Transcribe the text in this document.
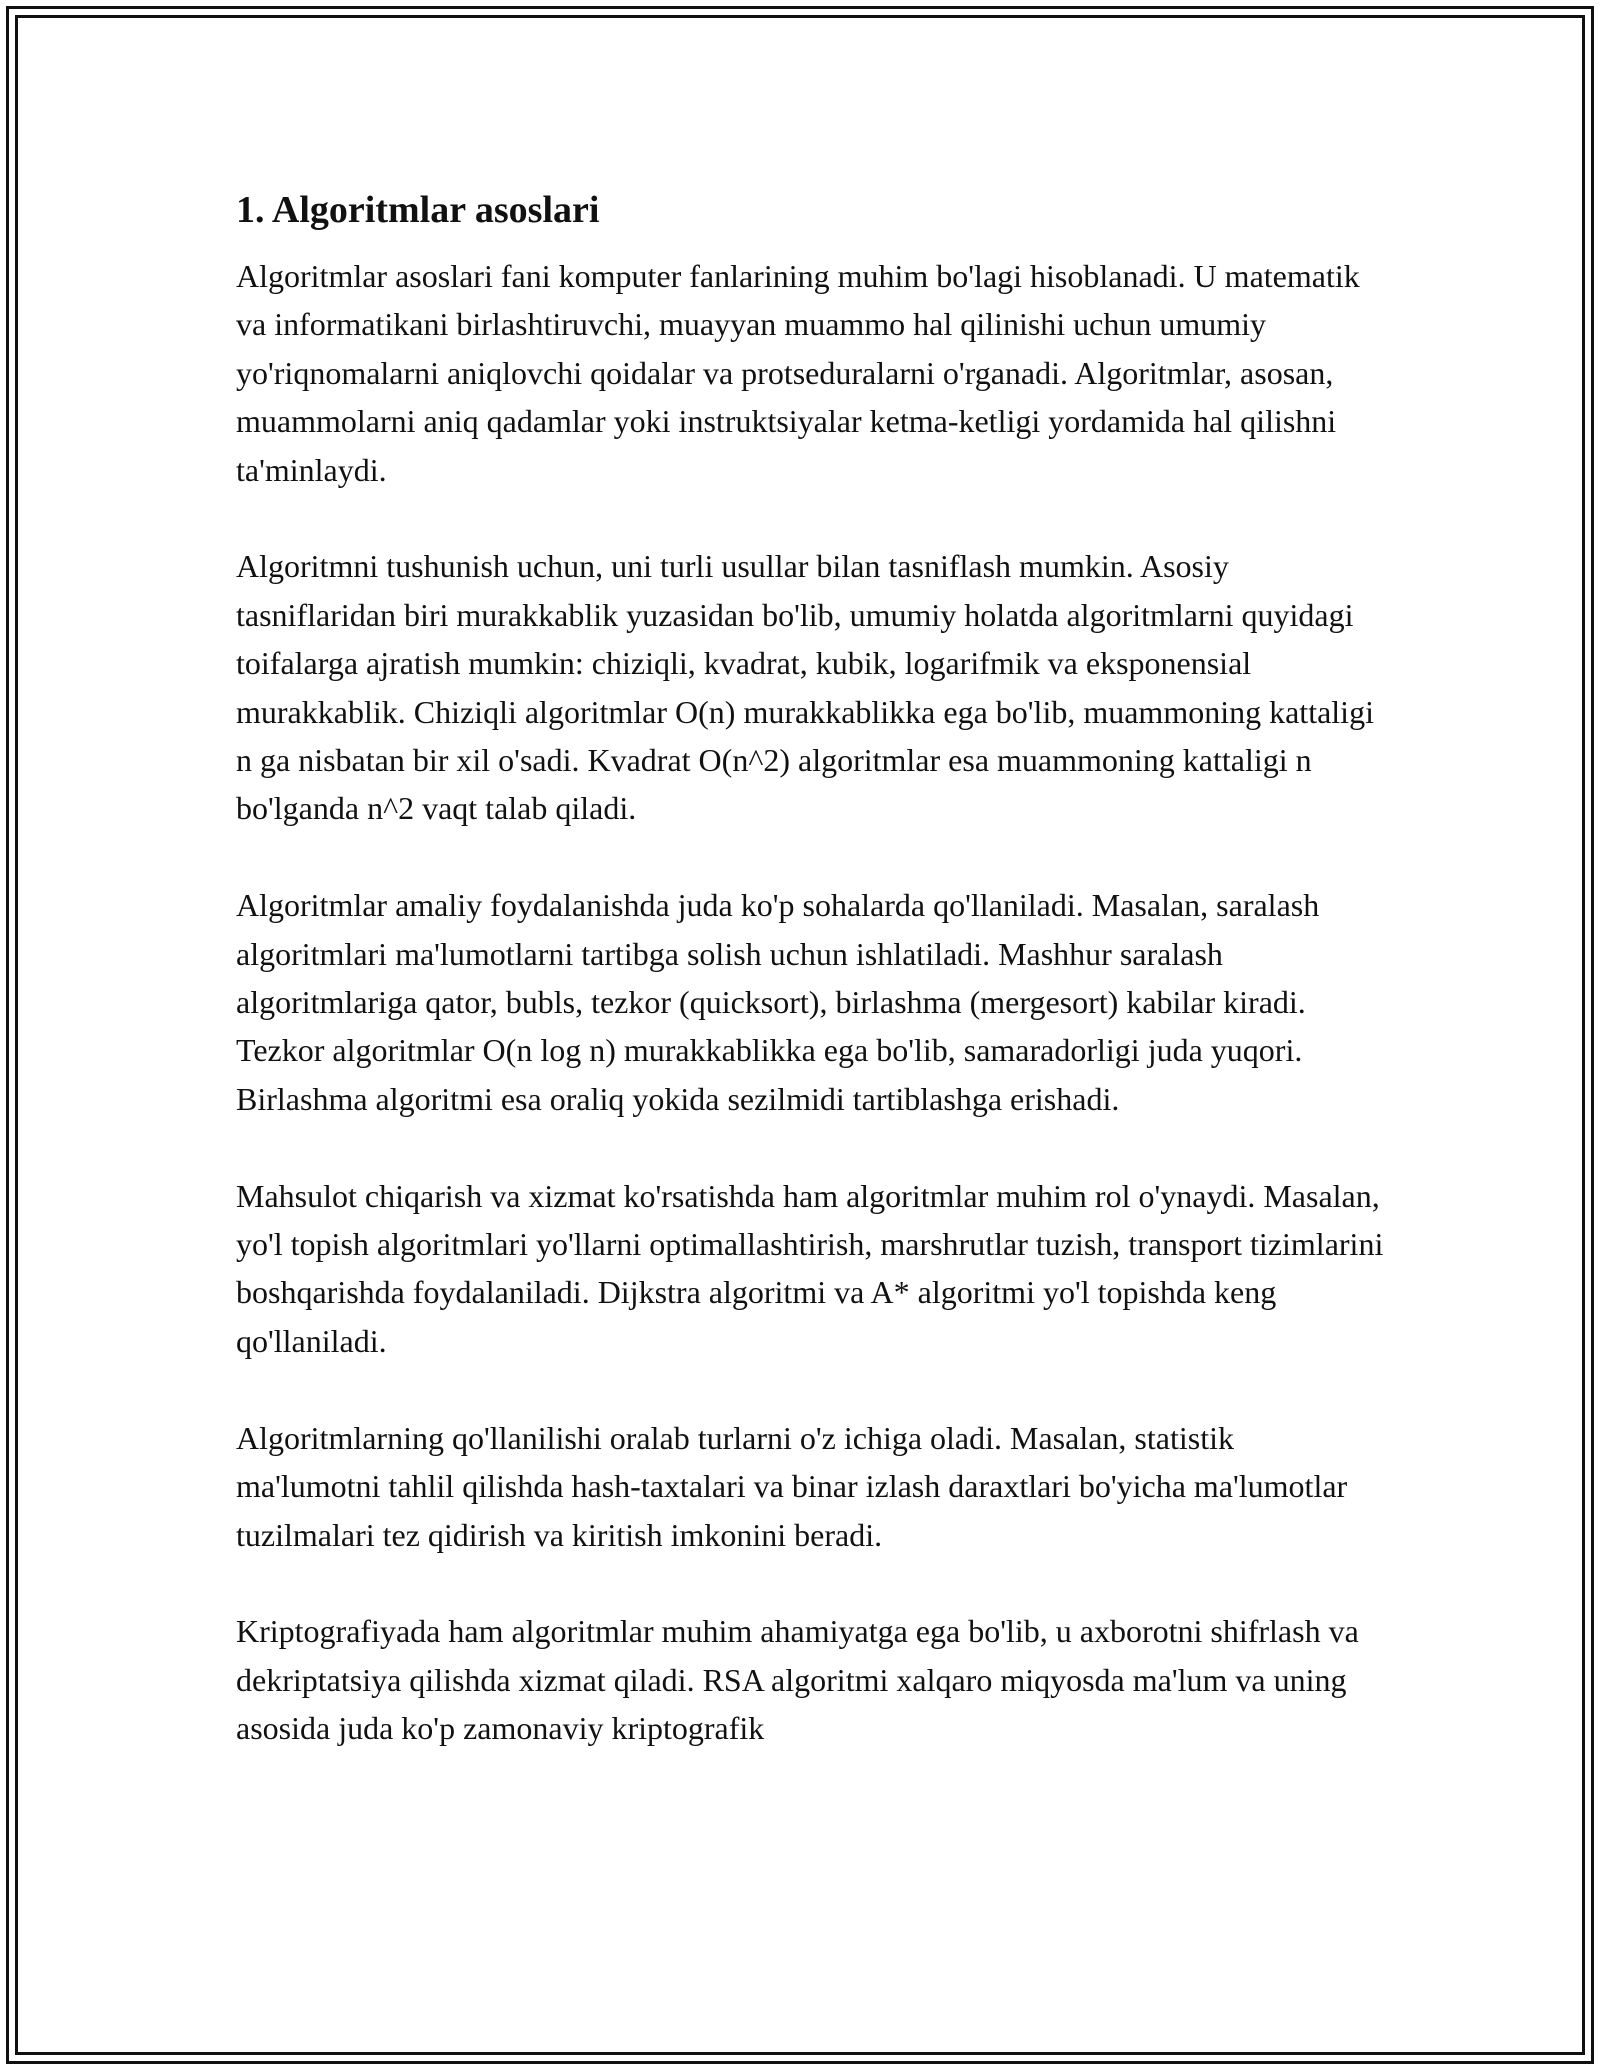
1. Algoritmlar asoslari

Algoritmlar asoslari fani komputer fanlarining muhim bo'lagi hisoblanadi. U matematik va informatikani birlashtiruvchi, muayyan muammo hal qilinishi uchun umumiy yo'riqnomalarni aniqlovchi qoidalar va protseduralarni o'rganadi. Algoritmlar, asosan, muammolarni aniq qadamlar yoki instruktsiyalar ketma-ketligi yordamida hal qilishni ta'minlaydi.

Algoritmni tushunish uchun, uni turli usullar bilan tasniflash mumkin. Asosiy tasniflaridan biri murakkablik yuzasidan bo'lib, umumiy holatda algoritmlarni quyidagi toifalarga ajratish mumkin: chiziqli, kvadrat, kubik, logarifmik va eksponensial murakkablik. Chiziqli algoritmlar O(n) murakkablikka ega bo'lib, muammoning kattaligi n ga nisbatan bir xil o'sadi. Kvadrat O(n^2) algoritmlar esa muammoning kattaligi n bo'lganda n^2 vaqt talab qiladi.

Algoritmlar amaliy foydalanishda juda ko'p sohalarda qo'llaniladi. Masalan, saralash algoritmlari ma'lumotlarni tartibga solish uchun ishlatiladi. Mashhur saralash algoritmlariga qator, bubls, tezkor (quicksort), birlashma (mergesort) kabilar kiradi. Tezkor algoritmlar O(n log n) murakkablikka ega bo'lib, samaradorligi juda yuqori. Birlashma algoritmi esa oraliq yokida sezilmidi tartiblashga erishadi.

Mahsulot chiqarish va xizmat ko'rsatishda ham algoritmlar muhim rol o'ynaydi. Masalan, yo'l topish algoritmlari yo'llarni optimallashtirish, marshrutlar tuzish, transport tizimlarini boshqarishda foydalaniladi. Dijkstra algoritmi va A* algoritmi yo'l topishda keng qo'llaniladi.

Algoritmlarning qo'llanilishi oralab turlarni o'z ichiga oladi. Masalan, statistik ma'lumotni tahlil qilishda hash-taxtalari va binar izlash daraxtlari bo'yicha ma'lumotlar tuzilmalari tez qidirish va kiritish imkonini beradi.

Kriptografiyada ham algoritmlar muhim ahamiyatga ega bo'lib, u axborotni shifrlash va dekriptatsiya qilishda xizmat qiladi. RSA algoritmi xalqaro miqyosda ma'lum va uning asosida juda ko'p zamonaviy kriptografik
